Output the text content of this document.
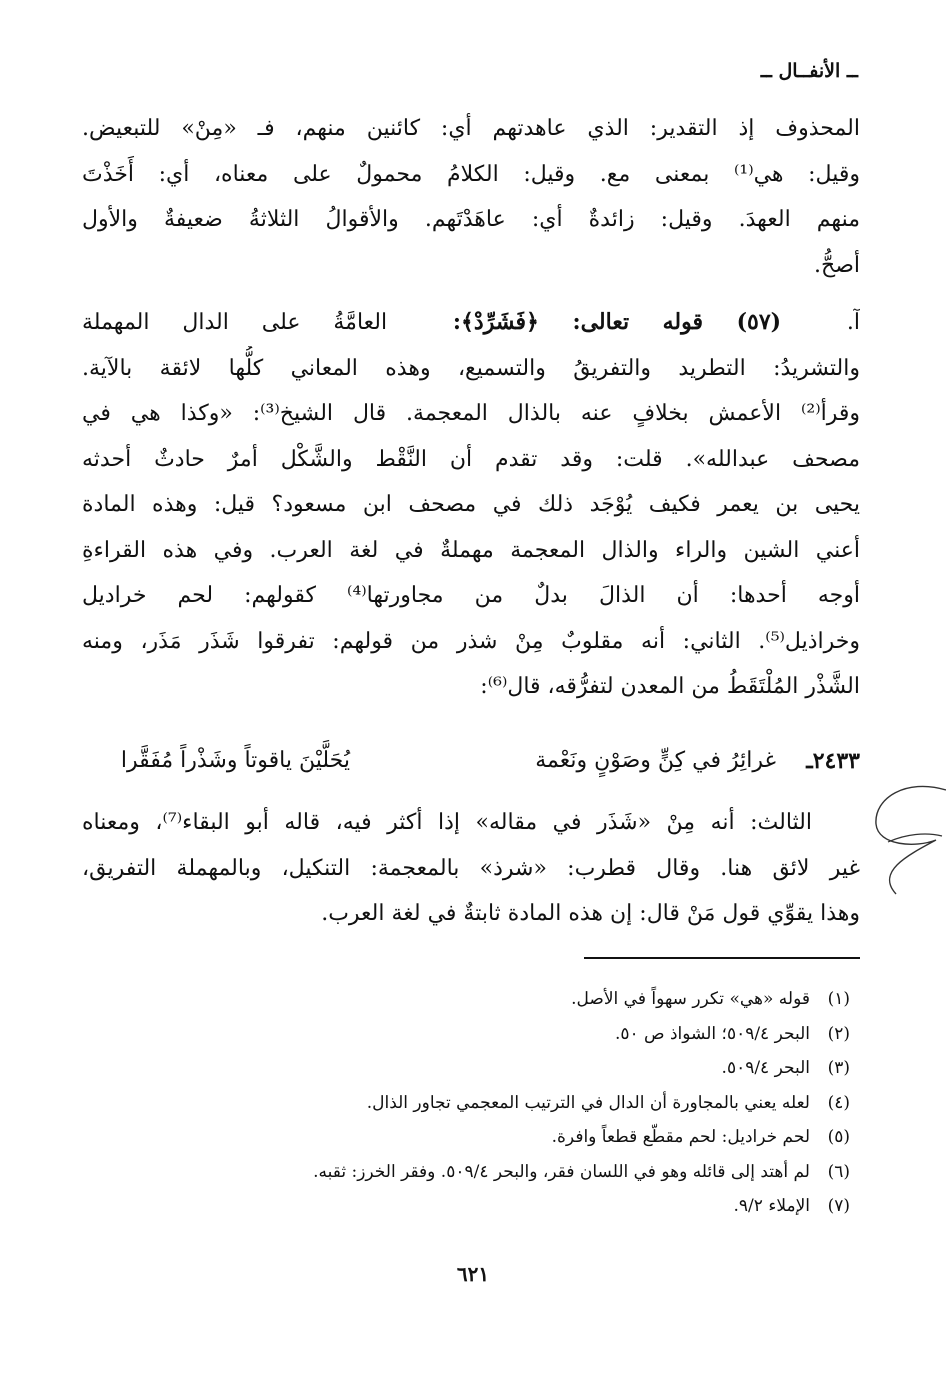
ــ الأنفــال ــ
المحذوف إذ التقدير: الذي عاهدتهم أي: كائنين منهم، فـ «مِنْ» للتبعيض.
وقيل: هي⁽¹⁾ بمعنى مع. وقيل: الكلامُ محمولٌ على معناه، أي: أَخَذْتَ
منهم العهدَ. وقيل: زائدةٌ أي: عاهَدْتَهم. والأقوالُ الثلاثةُ ضعيفةٌ والأول
أصحُّ.
آ.  (٥٧) قوله تعالى: ﴿فَشَرِّدْ﴾:  العامَّةُ على الدال المهملة
والتشريدُ: التطريد والتفريقُ والتسميع، وهذه المعاني كلُّها لائقة بالآية.
وقرأ⁽²⁾ الأعمش بخلافٍ عنه بالذال المعجمة. قال الشيخ⁽³⁾: «وكذا هي في
مصحف عبدالله». قلت: وقد تقدم أن النَّقْط والشَّكْل أمرٌ حادثٌ أحدثه
يحيى بن يعمر فكيف يُوْجَد ذلك في مصحف ابن مسعود؟ قيل: وهذه المادة
أعني الشين والراء والذال المعجمة مهملةٌ في لغة العرب. وفي هذه القراءةِ
أوجه أحدها: أن الذالَ بدلٌ من مجاورتها⁽⁴⁾ كقولهم: لحم خراديل
وخراذيل⁽⁵⁾. الثاني: أنه مقلوبٌ مِنْ شذر من قولهم: تفرقوا شَذَر مَذَر، ومنه
الشَّذْر المُلْتَقَطُ من المعدن لتفرُّقه، قال⁽⁶⁾:
٢٤٣٣ـ
غرائِرُ في كِنٍّ وصَوْنٍ ونَعْمة
يُحَلَّيْنَ ياقوتاً وشَذْراً مُفَقَّرا
الثالث: أنه مِنْ «شَذَر في مقاله» إذا أكثر فيه، قاله أبو البقاء⁽⁷⁾، ومعناه
غير لائق هنا. وقال قطرب: «شرذ» بالمعجمة: التنكيل، وبالمهملة التفريق،
وهذا يقوِّي قول مَنْ قال: إن هذه المادة ثابتةٌ في لغة العرب.
(١)قوله «هي» تكرر سهواً في الأصل.
(٢)البحر ٥٠٩/٤؛ الشواذ ص ٥٠.
(٣)البحر ٥٠٩/٤.
(٤)لعله يعني بالمجاورة أن الدال في الترتيب المعجمي تجاور الذال.
(٥)لحم خراديل: لحم مقطّع قطعاً وافرة.
(٦)لم أهتد إلى قائله وهو في اللسان فقر، والبحر ٥٠٩/٤. وفقر الخرز: ثقبه.
(٧)الإملاء ٩/٢.
٦٢١
